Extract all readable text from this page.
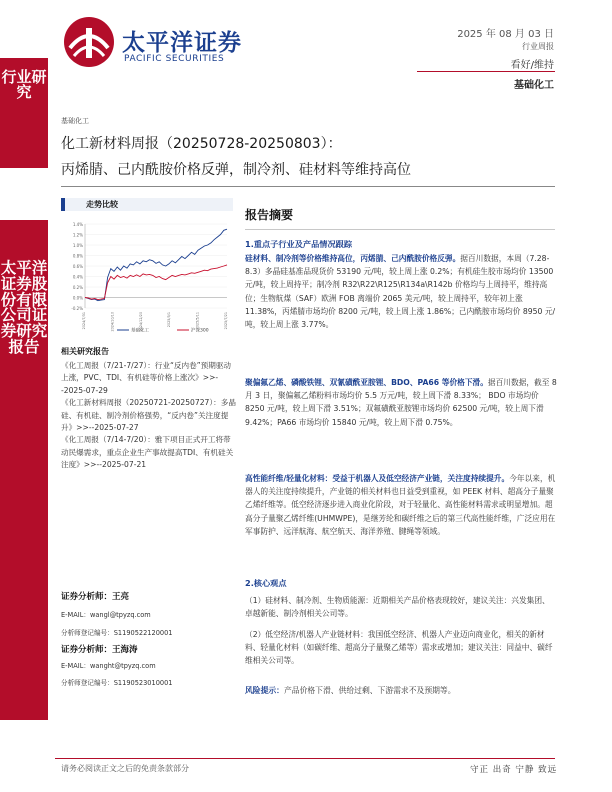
太平洋证券
PACIFIC SECURITIES
2025 年 08 月 03 日
行业周报
看好/维持
基础化工
行业研究
太平洋证券股份有限公司证券研究报告
基础化工
化工新材料周报（20250728-20250803）：
丙烯腈、己内酰胺价格反弹，制冷剂、硅材料等维持高位
走势比较
1.4%
1.2%
1.0%
0.8%
0.6%
0.4%
0.2%
0.0%
-0.2%
2024/7/31	2024/10/10	2024/12/20	2025/3/1	2025/5/11	2025/7/21
基础化工	沪深300
相关研究报告

《化工周报（7/21-7/27）：行业“反内卷”预期驱动上涨，PVC、TDI、有机硅等价格上涨次》>>--2025-07-29

《化工新材料周报（20250721-20250727）：多晶硅、有机硅、制冷剂价格强势，“反内卷”关注度提升》>>--2025-07-27

《化工周报（7/14-7/20）：雅下项目正式开工将带动民爆需求，重点企业生产事故提高TDI、有机硅关注度》>>--2025-07-21

证券分析师：王亮
E-MAIL：wangl@tpyzq.com
分析师登记编号：S1190522120001
证券分析师：王海涛
E-MAIL：wanght@tpyzq.com
分析师登记编号：S1190523010001
报告摘要
1.重点子行业及产品情况跟踪

硅材料、制冷剂等价格维持高位，丙烯腈、己内酰胺价格反弹。据百川数据，本周（7.28-8.3）多晶硅基准品现货价 53190 元/吨，较上周上涨 0.2%；有机硅生胶市场均价 13500 元/吨，较上周持平；制冷剂 R32\R22\R125\R134a\R142b 价格均与上周持平，维持高位；生物航煤（SAF）欧洲 FOB 离端价 2065 美元/吨，较上周持平，较年初上涨 11.38%，丙烯腈市场均价 8200 元/吨，较上周上涨 1.86%；己内酰胺市场均价 8950 元/吨，较上周上涨 3.77%。

聚偏氟乙烯、磷酸铁锂、双氰磺酰亚胺锂、BDO、PA66 等价格下滑。据百川数据，截至 8 月 3 日，聚偏氟乙烯粉料市场均价 5.5 万元/吨，较上周下滑 8.33%； BDO 市场均价 8250 元/吨，较上周下滑 3.51%；双氟磺酰亚胺锂市场均价 62500 元/吨，较上周下滑 9.42%；PA66 市场均价 15840 元/吨，较上周下滑 0.75%。

高性能纤维/轻量化材料：受益于机器人及低空经济产业链，关注度持续提升。今年以来，机器人的关注度持续提升，产业链的相关材料也日益受到重视，如 PEEK 材料、超高分子量聚乙烯纤维等。低空经济逐步进入商业化阶段，对于轻量化、高性能材料需求或明显增加。超高分子量聚乙烯纤维(UHMWPE)，是继芳纶和碳纤维之后的第三代高性能纤维，广泛应用在军事防护、远洋航海、航空航天、海洋养殖、腱绳等领域。

2.核心观点

（1）硅材料、制冷剂、生物质能源：近期相关产品价格表现较好，建议关注：兴发集团、卓越新能、制冷剂相关公司等。

（2）低空经济/机器人产业链材料：我国低空经济、机器人产业迈向商业化，相关的新材料、轻量化材料（如碳纤维、超高分子量聚乙烯等）需求或增加；建议关注：同益中、碳纤维相关公司等。

风险提示：产品价格下滑、供给过剩、下游需求不及预期等。
请务必阅读正文之后的免责条款部分	守正 出奇 宁静 致远
